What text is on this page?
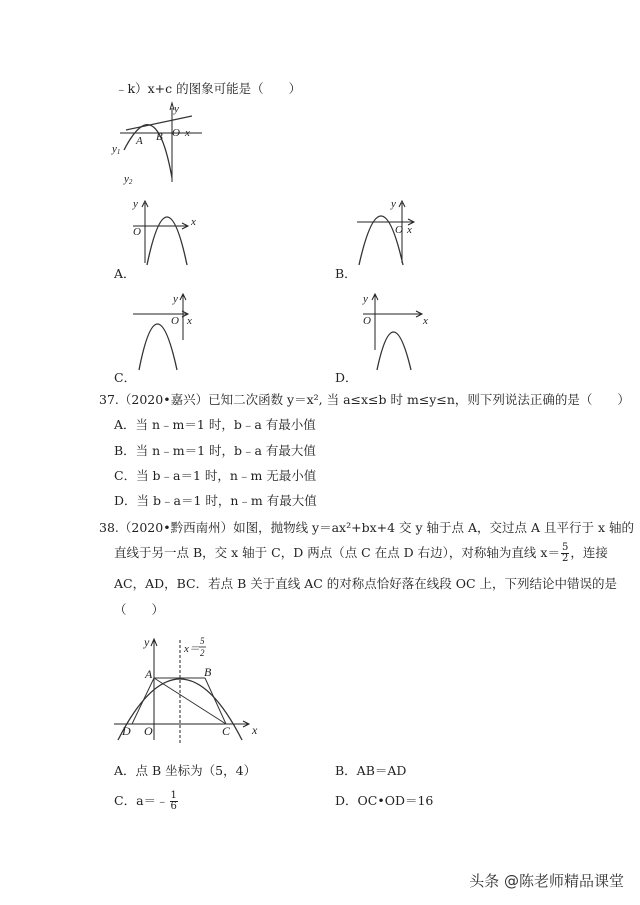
﹣k）x+c 的图象可能是（　　）
y
y1
y2
A B O x
y
O
x
A．
y
O x
B．
y
O x
C．
y
O	x
D．
37.（2020•嘉兴）已知二次函数 y＝x², 当 a≤x≤b 时 m≤y≤n，则下列说法正确的是（　　）
A．当 n﹣m＝1 时，b﹣a 有最小值
B．当 n﹣m＝1 时，b﹣a 有最大值
C．当 b﹣a＝1 时，n﹣m 无最小值
D．当 b﹣a＝1 时，n﹣m 有最大值
38.（2020•黔西南州）如图，抛物线 y＝ax²+bx+4 交 y 轴于点 A，交过点 A 且平行于 x 轴的
直线于另一点 B，交 x 轴于 C，D 两点（点 C 在点 D 右边），对称轴为直线 $x= \frac{5}{2}$ ，连接
AC，AD，BC．若点 B 关于直线 AC 的对称点恰好落在线段 OC 上，下列结论中错误的是
（　　）
y	x＝
5
2
A	B
D O	C x
A．点 B 坐标为（5，4）	B．AB＝AD
C．a＝﹣ $\frac{1}{6}$	D．OC•OD＝16
头条 @陈老师精品课堂
